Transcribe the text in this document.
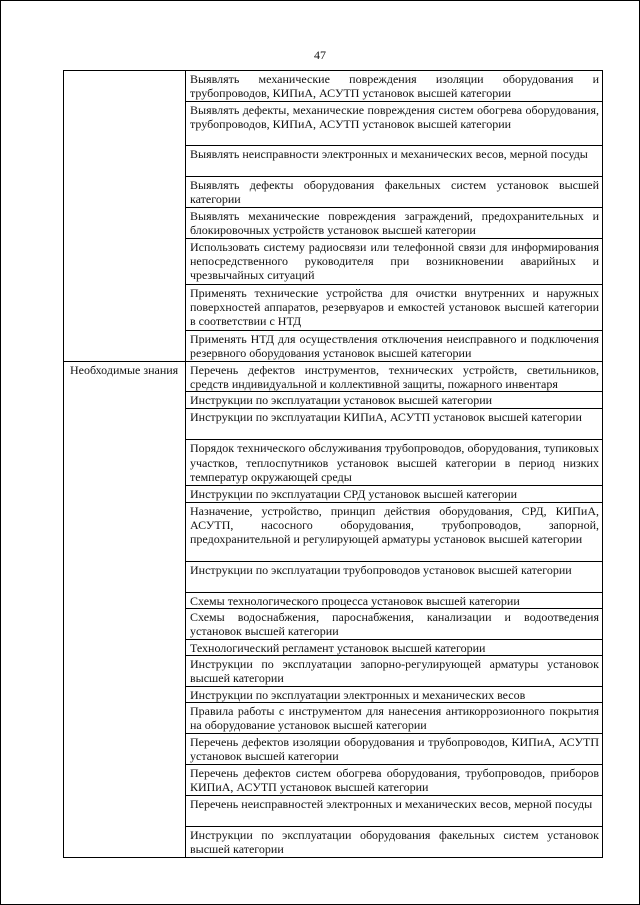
47

	Выявлять механические повреждения изоляции оборудования и трубопроводов, КИПиА, АСУТП установок высшей категории

	Выявлять дефекты, механические повреждения систем обогрева оборудования, трубопроводов, КИПиА, АСУТП установок высшей категории

	Выявлять неисправности электронных и механических весов, мерной посуды

	Выявлять дефекты оборудования факельных систем установок высшей категории

	Выявлять механические повреждения заграждений, предохранительных и блокировочных устройств установок высшей категории

	Использовать систему радиосвязи или телефонной связи для информирования непосредственного руководителя при возникновении аварийных и чрезвычайных ситуаций

	Применять технические устройства для очистки внутренних и наружных поверхностей аппаратов, резервуаров и емкостей установок высшей категории в соответствии с НТД

	Применять НТД для осуществления отключения неисправного и подключения резервного оборудования установок высшей категории

Необходимые знания	Перечень дефектов инструментов, технических устройств, светильников, средств индивидуальной и коллективной защиты, пожарного инвентаря

	Инструкции по эксплуатации установок высшей категории

	Инструкции по эксплуатации КИПиА, АСУТП установок высшей категории

	Порядок технического обслуживания трубопроводов, оборудования, тупиковых участков, теплоспутников установок высшей категории в период низких температур окружающей среды

	Инструкции по эксплуатации СРД установок высшей категории

	Назначение, устройство, принцип действия оборудования, СРД, КИПиА, АСУТП, насосного оборудования, трубопроводов, запорной, предохранительной и регулирующей арматуры установок высшей категории

	Инструкции по эксплуатации трубопроводов установок высшей категории

	Схемы технологического процесса установок высшей категории

	Схемы водоснабжения, пароснабжения, канализации и водоотведения установок высшей категории

	Технологический регламент установок высшей категории

	Инструкции по эксплуатации запорно-регулирующей арматуры установок высшей категории

	Инструкции по эксплуатации электронных и механических весов

	Правила работы с инструментом для нанесения антикоррозионного покрытия на оборудование установок высшей категории

	Перечень дефектов изоляции оборудования и трубопроводов, КИПиА, АСУТП установок высшей категории

	Перечень дефектов систем обогрева оборудования, трубопроводов, приборов КИПиА, АСУТП установок высшей категории

	Перечень неисправностей электронных и механических весов, мерной посуды

	Инструкции по эксплуатации оборудования факельных систем установок высшей категории
